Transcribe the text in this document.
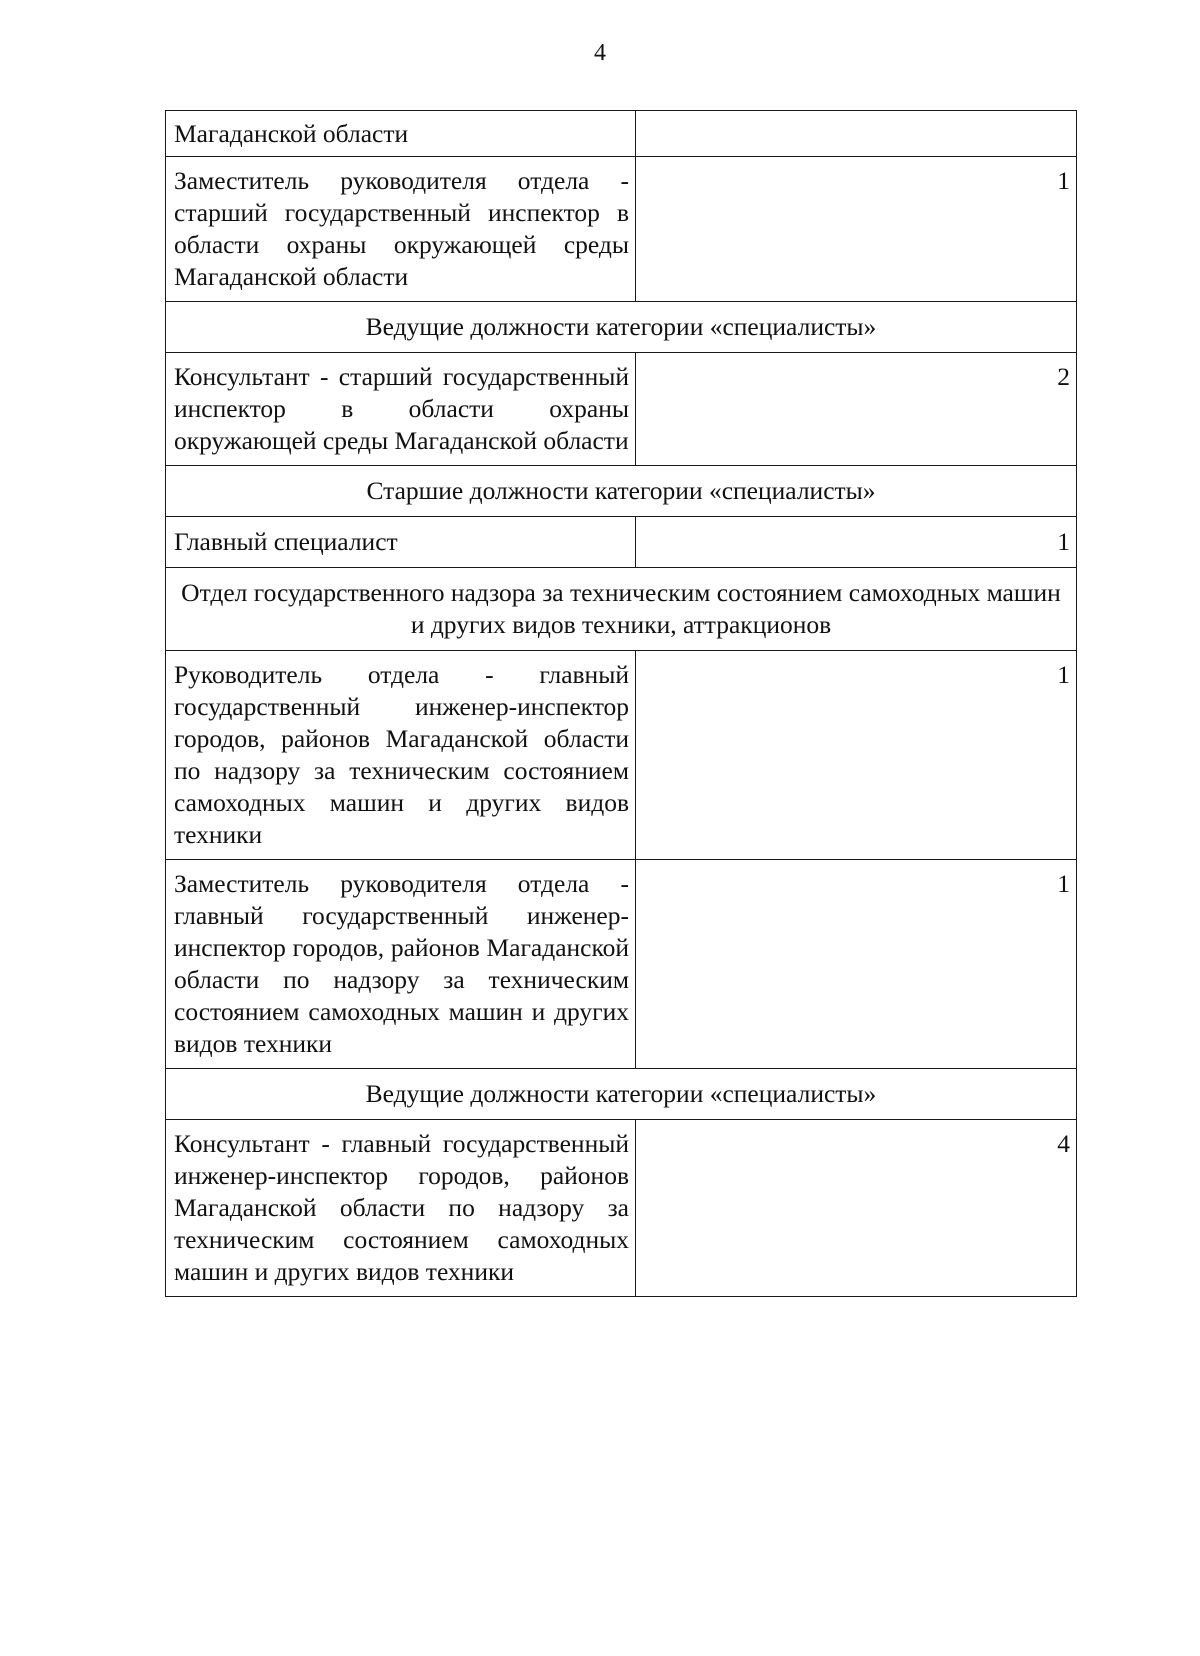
4
Магаданской области	
Заместитель руководителя отдела - старший государственный инспектор в области охраны окружающей среды Магаданской области	1
Ведущие должности категории «специалисты»	
Консультант - старший государственный инспектор в области охраны окружающей среды Магаданской области	2
Старшие должности категории «специалисты»	
Главный специалист	1
Отдел государственного надзора за техническим состоянием самоходных машин и других видов техники, аттракционов	
Руководитель отдела - главный государственный инженер-инспектор городов, районов Магаданской области по надзору за техническим состоянием самоходных машин и других видов техники	1
Заместитель руководителя отдела - главный государственный инженер-инспектор городов, районов Магаданской области по надзору за техническим состоянием самоходных машин и других видов техники	1
Ведущие должности категории «специалисты»	
Консультант - главный государственный инженер-инспектор городов, районов Магаданской области по надзору за техническим состоянием самоходных машин и других видов техники	4
